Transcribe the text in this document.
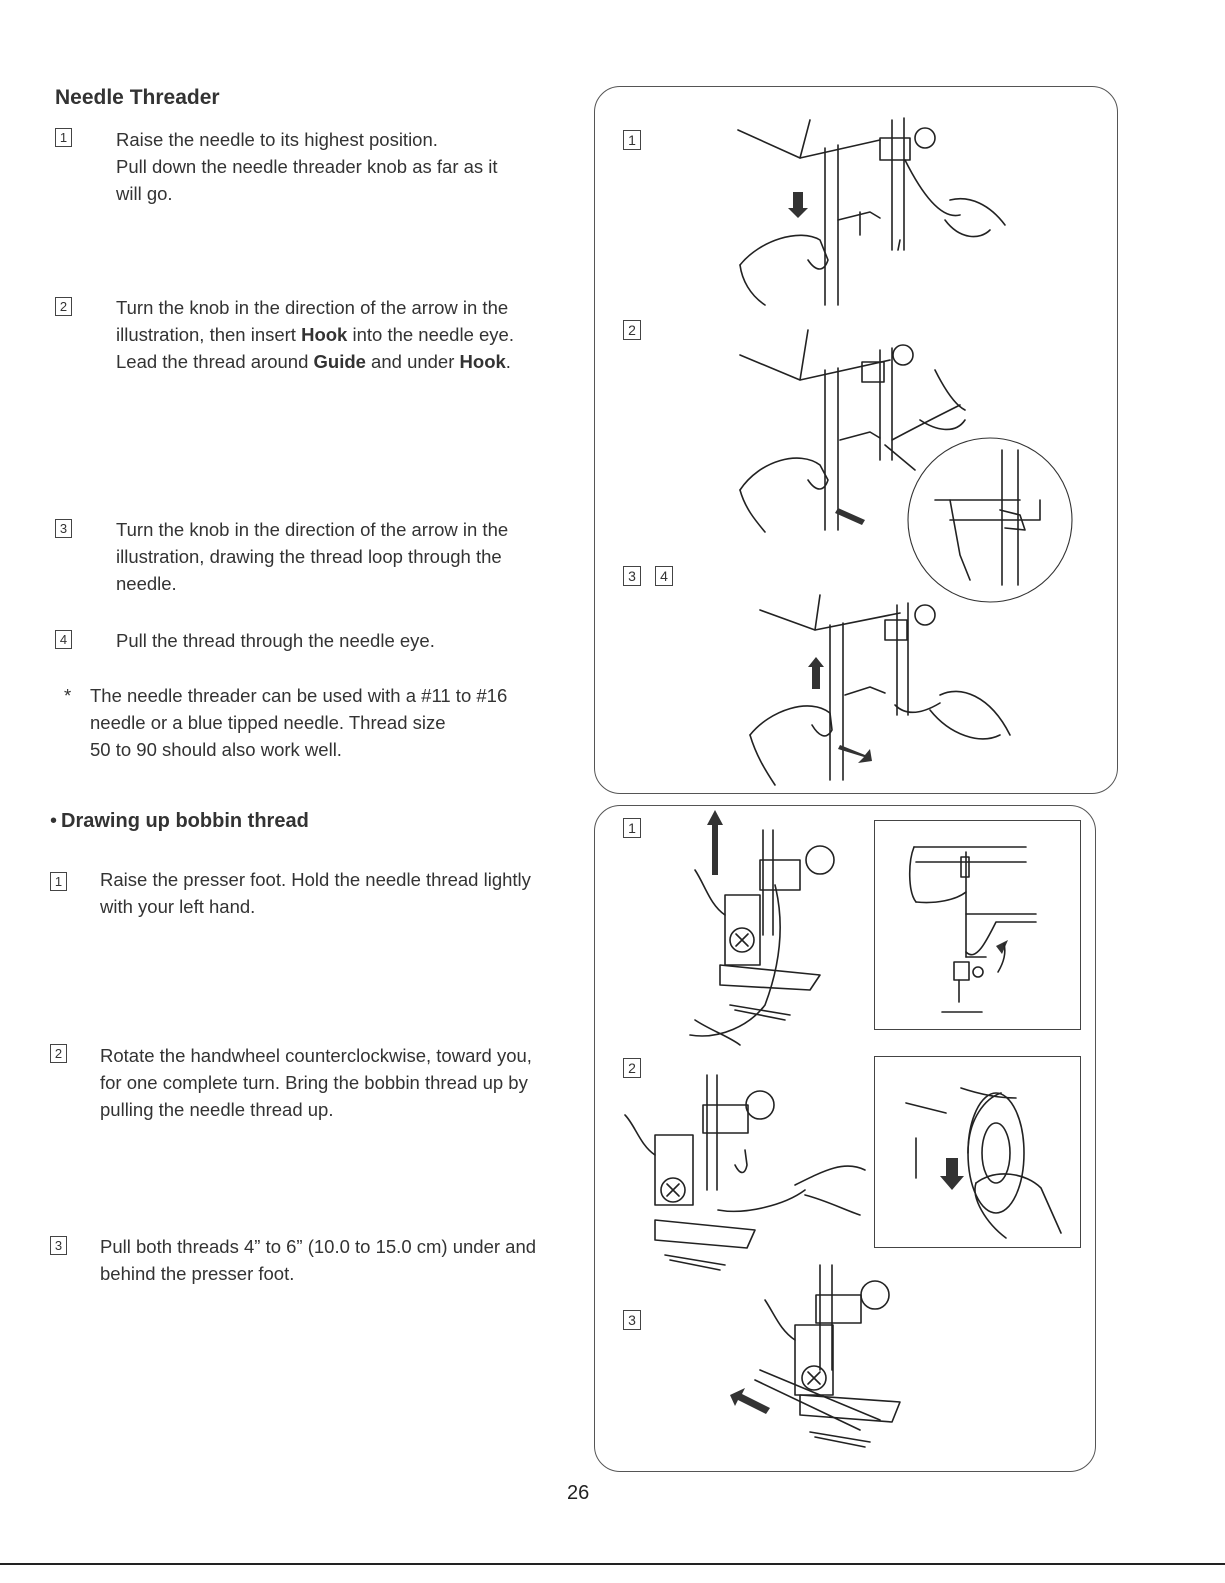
Needle Threader
1	Raise the needle to its highest position.
Pull down the needle threader knob as far as it
will go.
2	Turn the knob in the direction of the arrow in the
illustration, then insert Hook into the needle eye.
Lead the thread around Guide and under Hook.
3	Turn the knob in the direction of the arrow in the
illustration, drawing the thread loop through the
needle.
4	Pull the thread through the needle eye.
* The needle threader can be used with a #11 to #16
needle or a blue tipped needle. Thread size
50 to 90 should also work well.
• Drawing up bobbin thread
1 Raise the presser foot. Hold the needle thread lightly
with your left hand.
2 Rotate the handwheel counterclockwise, toward you,
for one complete turn. Bring the bobbin thread up by
pulling the needle thread up.
3 Pull both threads 4” to 6” (10.0 to 15.0 cm) under and
behind the presser foot.
1
2
3	4
1
2
3
26
